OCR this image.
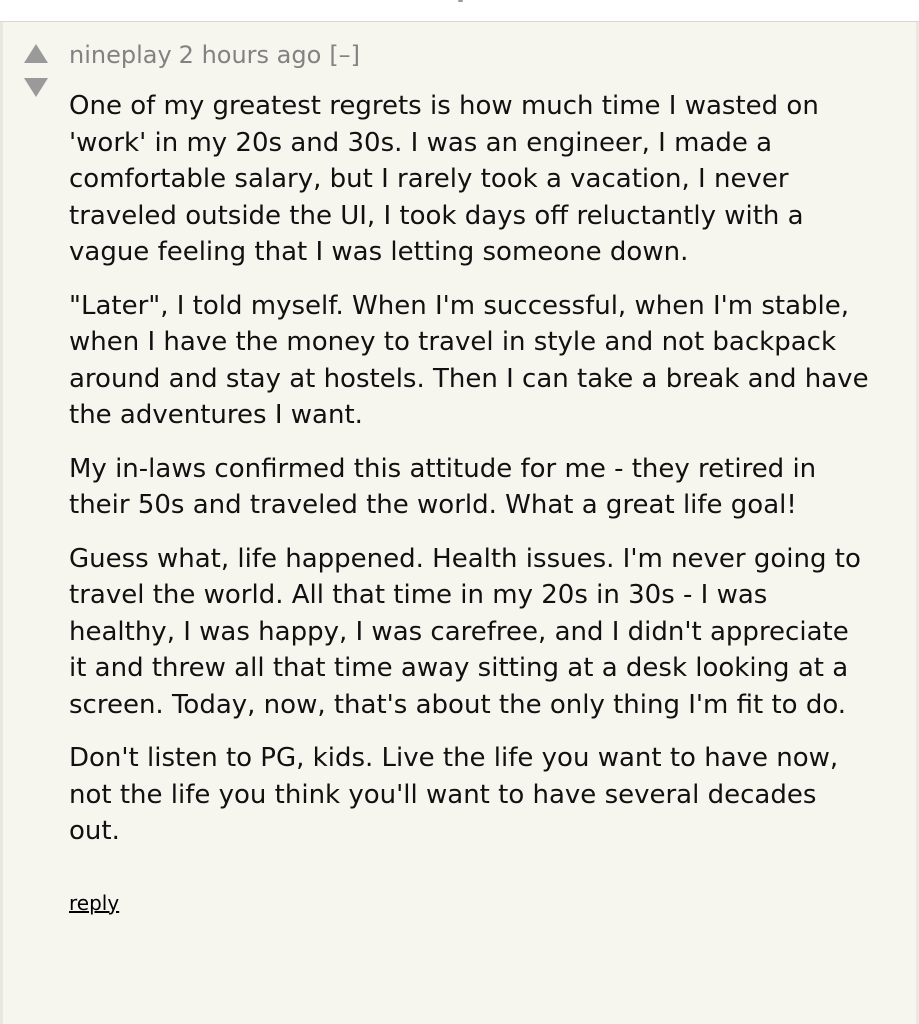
nineplay 2 hours ago [–]

One of my greatest regrets is how much time I wasted on 'work' in my 20s and 30s. I was an engineer, I made a comfortable salary, but I rarely took a vacation, I never traveled outside the UI, I took days off reluctantly with a vague feeling that I was letting someone down.

"Later", I told myself. When I'm successful, when I'm stable, when I have the money to travel in style and not backpack around and stay at hostels. Then I can take a break and have the adventures I want.

My in-laws confirmed this attitude for me - they retired in their 50s and traveled the world. What a great life goal!

Guess what, life happened. Health issues. I'm never going to travel the world. All that time in my 20s in 30s - I was healthy, I was happy, I was carefree, and I didn't appreciate it and threw all that time away sitting at a desk looking at a screen. Today, now, that's about the only thing I'm fit to do.

Don't listen to PG, kids. Live the life you want to have now, not the life you think you'll want to have several decades out.

reply
